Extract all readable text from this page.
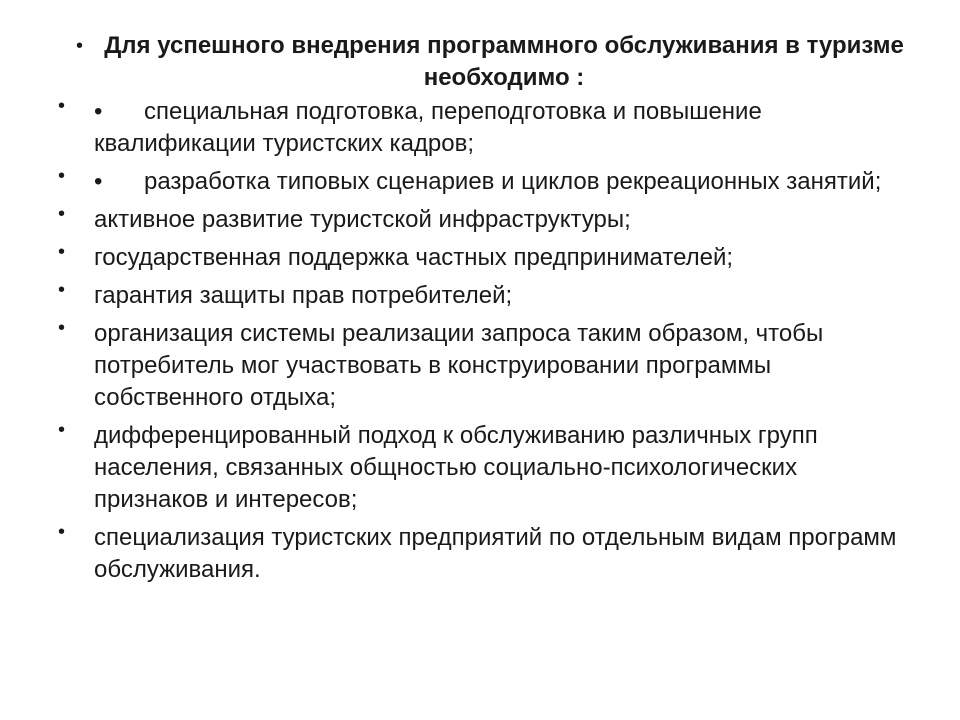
• Для успешного внедрения программного обслуживания в туризме необходимо :
• • специальная подготовка, переподготовка и повышение квалификации туристских кадров;
• • разработка типовых сценариев и циклов рекреационных занятий;
• активное развитие туристской инфраструктуры;
• государственная поддержка частных предпринимателей;
• гарантия защиты прав потребителей;
• организация системы реализации запроса таким образом, чтобы потребитель мог участвовать в конструировании программы собственного отдыха;
• дифференцированный подход к обслуживанию различных групп населения, связанных общностью социально-психологических признаков и интересов;
• специализация туристских предприятий по отдельным видам программ обслуживания.
